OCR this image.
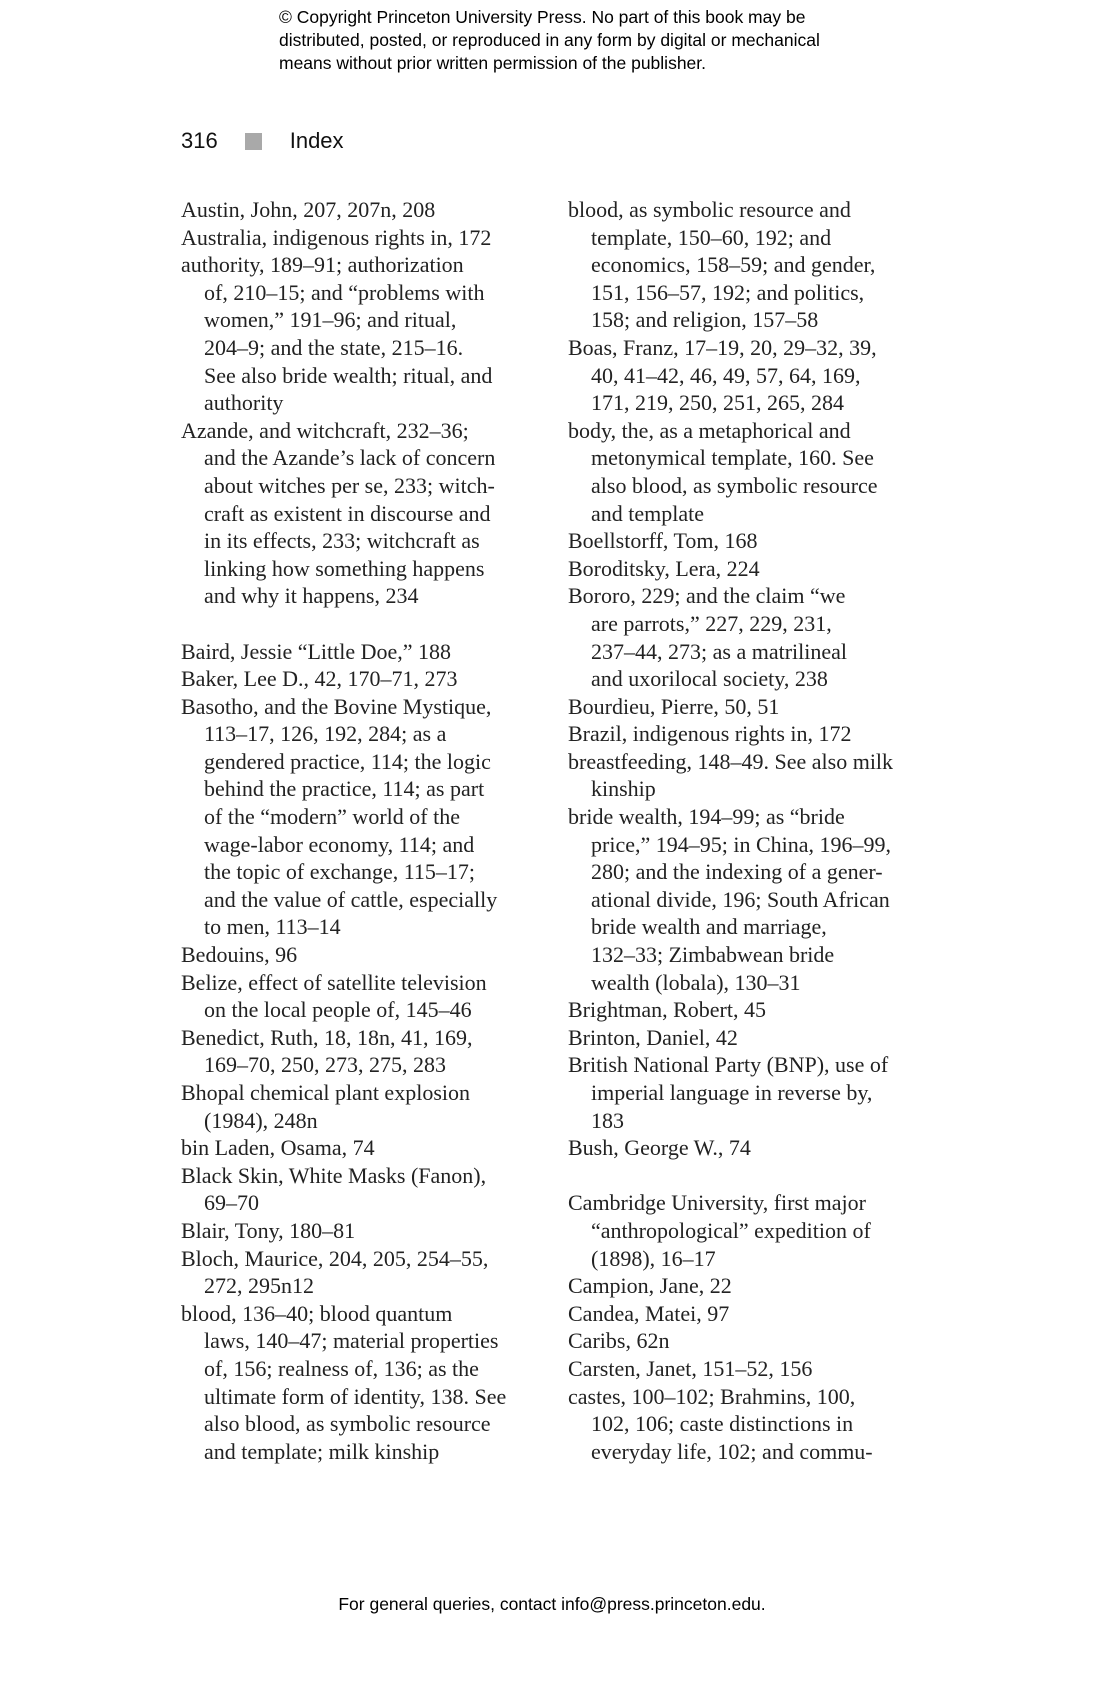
© Copyright Princeton University Press. No part of this book may be
distributed, posted, or reproduced in any form by digital or mechanical
means without prior written permission of the publisher.
316	Index
Austin, John, 207, 207n, 208
Australia, indigenous rights in, 172
authority, 189–91; authorization
of, 210–15; and “problems with
women,” 191–96; and ritual,
204–9; and the state, 215–16.
See also bride wealth; ritual, and
authority
Azande, and witchcraft, 232–36;
and the Azande’s lack of concern
about witches per se, 233; witch-
craft as existent in discourse and
in its effects, 233; witchcraft as
linking how something happens
and why it happens, 234
Baird, Jessie “Little Doe,” 188
Baker, Lee D., 42, 170–71, 273
Basotho, and the Bovine Mystique,
113–17, 126, 192, 284; as a
gendered practice, 114; the logic
behind the practice, 114; as part
of the “modern” world of the
wage-labor economy, 114; and
the topic of exchange, 115–17;
and the value of cattle, especially
to men, 113–14
Bedouins, 96
Belize, effect of satellite television
on the local people of, 145–46
Benedict, Ruth, 18, 18n, 41, 169,
169–70, 250, 273, 275, 283
Bhopal chemical plant explosion
(1984), 248n
bin Laden, Osama, 74
Black Skin, White Masks (Fanon),
69–70
Blair, Tony, 180–81
Bloch, Maurice, 204, 205, 254–55,
272, 295n12
blood, 136–40; blood quantum
laws, 140–47; material properties
of, 156; realness of, 136; as the
ultimate form of identity, 138. See
also blood, as symbolic resource
and template; milk kinship
blood, as symbolic resource and
template, 150–60, 192; and
economics, 158–59; and gender,
151, 156–57, 192; and politics,
158; and religion, 157–58
Boas, Franz, 17–19, 20, 29–32, 39,
40, 41–42, 46, 49, 57, 64, 169,
171, 219, 250, 251, 265, 284
body, the, as a metaphorical and
metonymical template, 160. See
also blood, as symbolic resource
and template
Boellstorff, Tom, 168
Boroditsky, Lera, 224
Bororo, 229; and the claim “we
are parrots,” 227, 229, 231,
237–44, 273; as a matrilineal
and uxorilocal society, 238
Bourdieu, Pierre, 50, 51
Brazil, indigenous rights in, 172
breastfeeding, 148–49. See also milk
kinship
bride wealth, 194–99; as “bride
price,” 194–95; in China, 196–99,
280; and the indexing of a gener-
ational divide, 196; South African
bride wealth and marriage,
132–33; Zimbabwean bride
wealth (lobala), 130–31
Brightman, Robert, 45
Brinton, Daniel, 42
British National Party (BNP), use of
imperial language in reverse by,
183
Bush, George W., 74
Cambridge University, first major
“anthropological” expedition of
(1898), 16–17
Campion, Jane, 22
Candea, Matei, 97
Caribs, 62n
Carsten, Janet, 151–52, 156
castes, 100–102; Brahmins, 100,
102, 106; caste distinctions in
everyday life, 102; and commu-
For general queries, contact info@press.princeton.edu.
